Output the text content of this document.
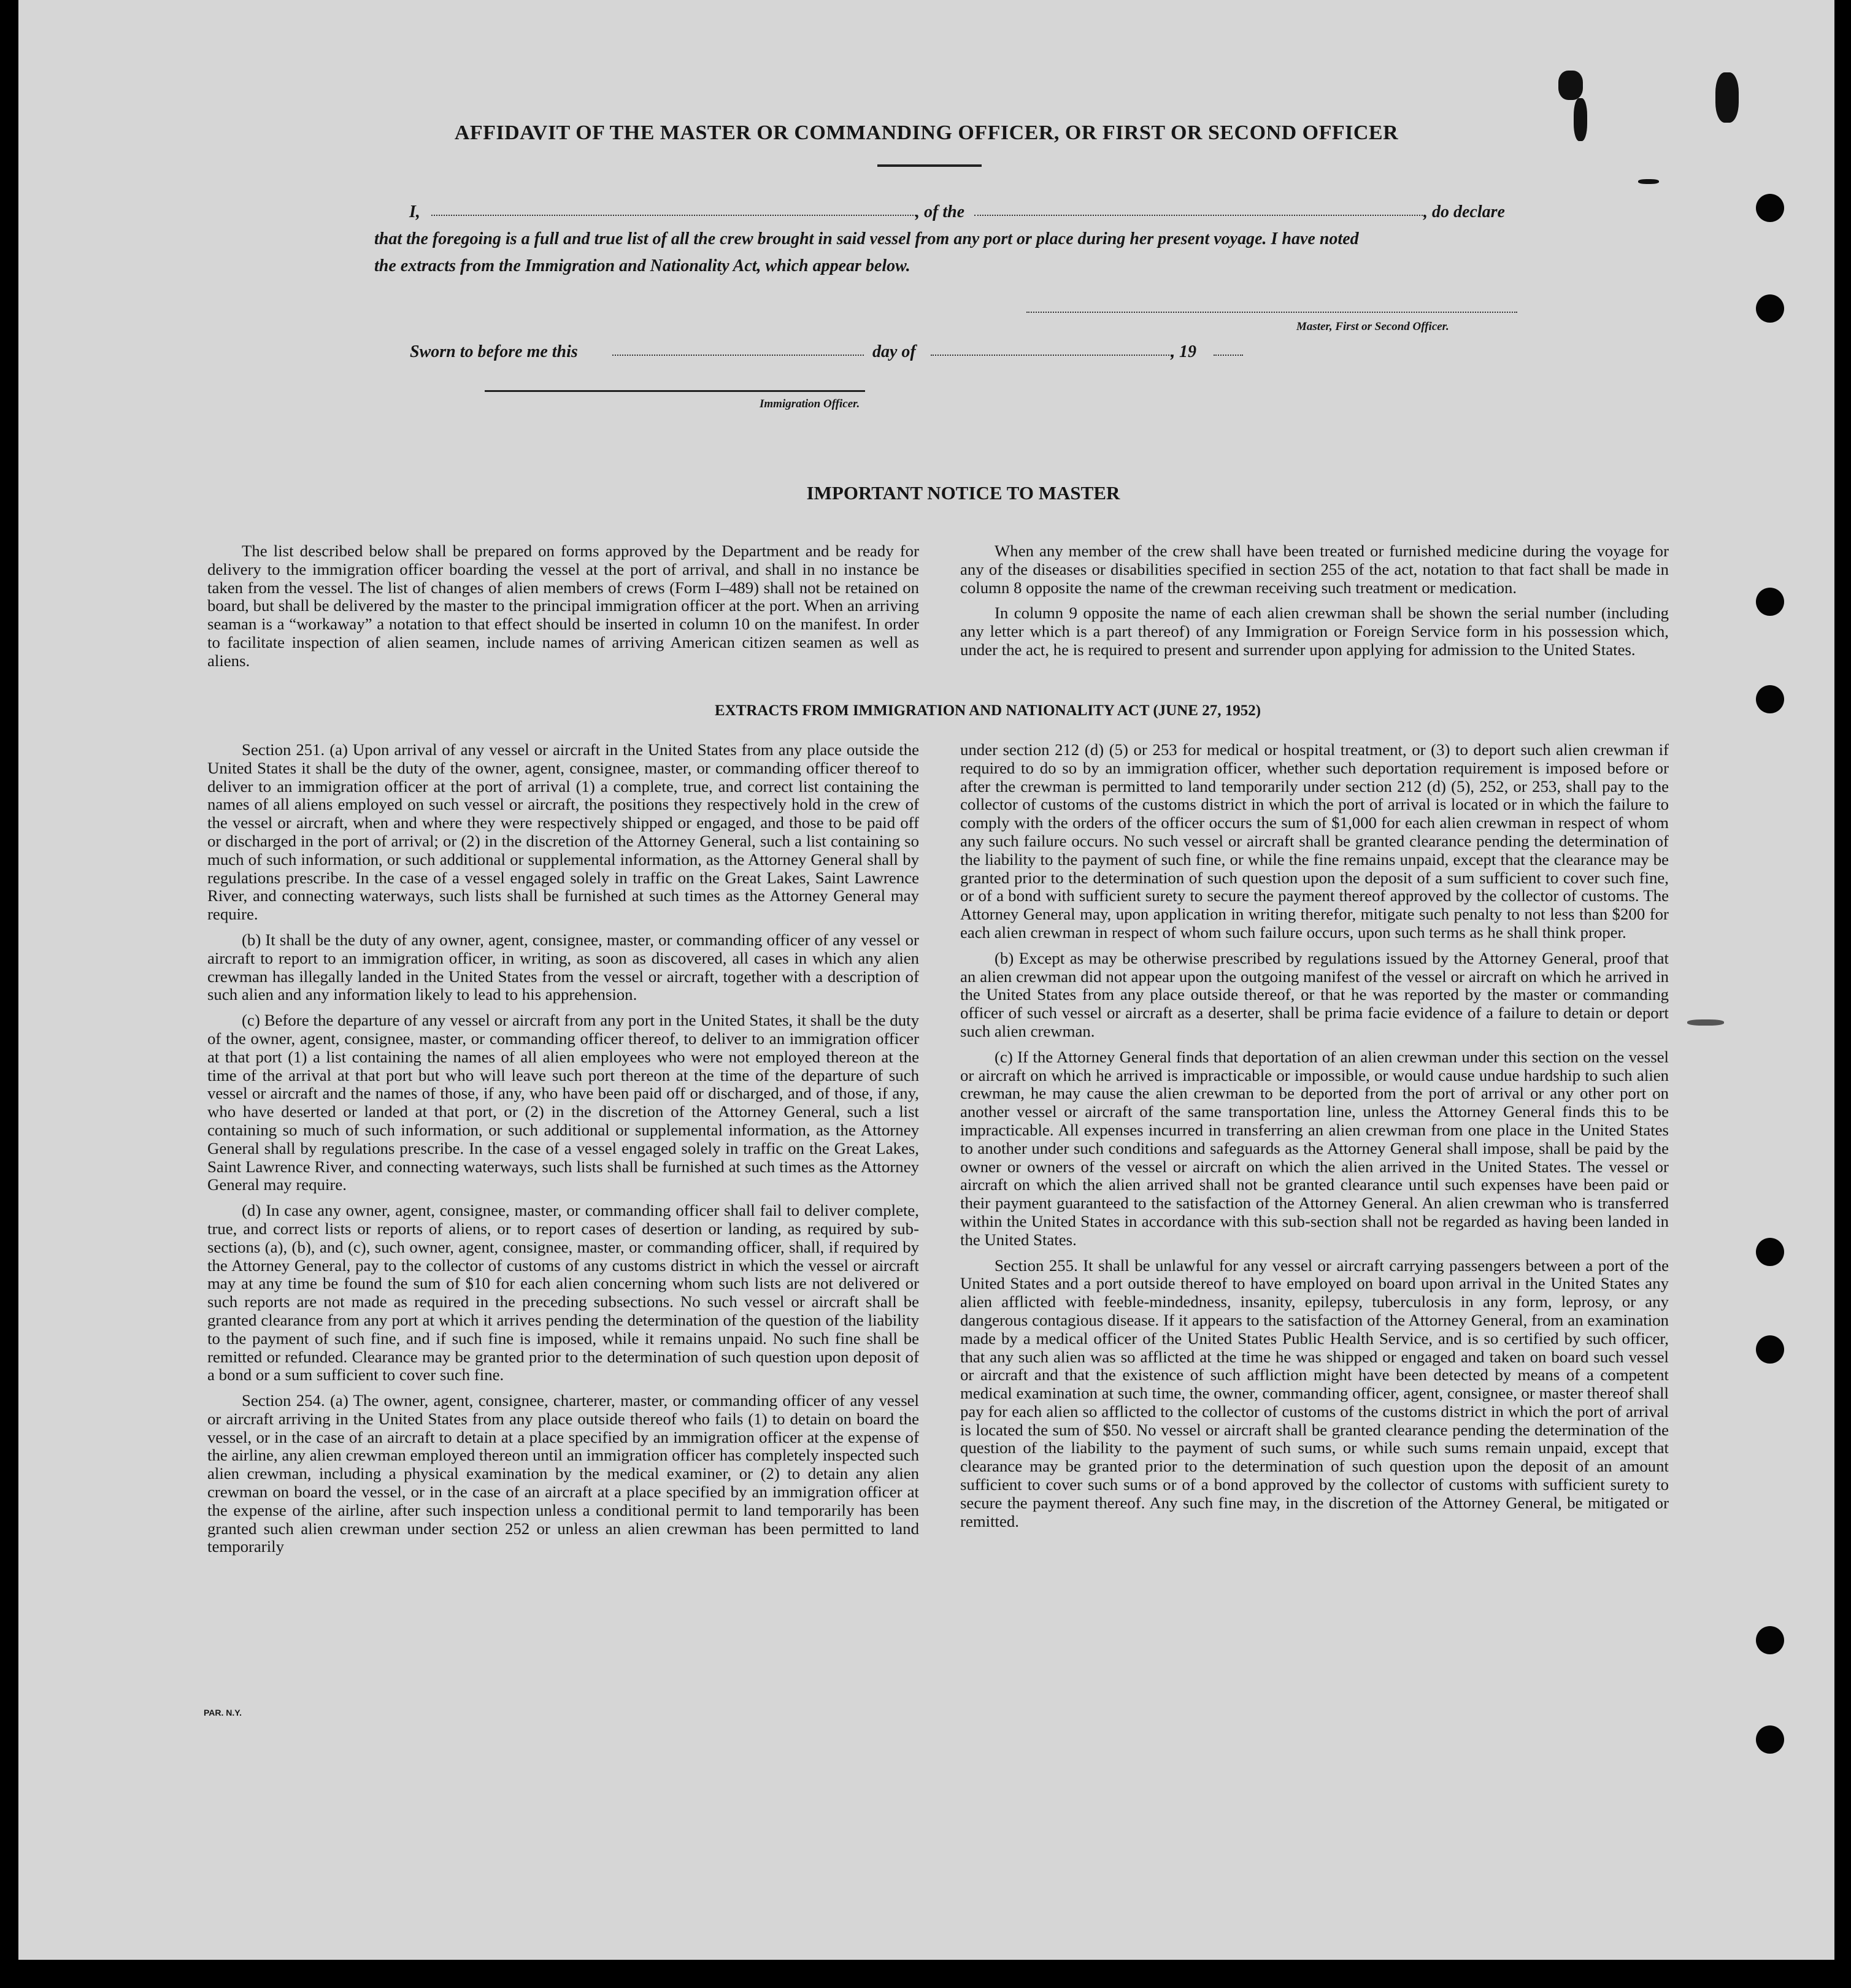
AFFIDAVIT OF THE MASTER OR COMMANDING OFFICER, OR FIRST OR SECOND OFFICER
I,	, of the	, do declare
that the foregoing is a full and true list of all the crew brought in said vessel from any port or place during her present voyage. I have noted
the extracts from the Immigration and Nationality Act, which appear below.
Master, First or Second Officer.
Sworn to before me this	day of	, 19
Immigration Officer.
IMPORTANT NOTICE TO MASTER

The list described below shall be prepared on forms approved by the Department and be ready for delivery to the immigration officer boarding the vessel at the port of arrival, and shall in no instance be taken from the vessel. The list of changes of alien members of crews (Form I–489) shall not be retained on board, but shall be delivered by the master to the principal immigration officer at the port. When an arriving seaman is a “workaway” a notation to that effect should be inserted in column 10 on the manifest. In order to facilitate inspection of alien seamen, include names of arriving American citizen seamen as well as aliens.

When any member of the crew shall have been treated or furnished medicine during the voyage for any of the diseases or disabilities specified in section 255 of the act, notation to that fact shall be made in column 8 opposite the name of the crewman receiving such treatment or medication.

In column 9 opposite the name of each alien crewman shall be shown the serial number (including any letter which is a part thereof) of any Immigration or Foreign Service form in his possession which, under the act, he is required to present and surrender upon applying for admission to the United States.

EXTRACTS FROM IMMIGRATION AND NATIONALITY ACT (JUNE 27, 1952)

Section 251. (a) Upon arrival of any vessel or aircraft in the United States from any place outside the United States it shall be the duty of the owner, agent, consignee, master, or commanding officer thereof to deliver to an immigration officer at the port of arrival (1) a complete, true, and correct list containing the names of all aliens employed on such vessel or aircraft, the positions they respectively hold in the crew of the vessel or aircraft, when and where they were respectively shipped or engaged, and those to be paid off or discharged in the port of arrival; or (2) in the discretion of the Attorney General, such a list containing so much of such information, or such additional or supplemental information, as the Attorney General shall by regulations prescribe. In the case of a vessel engaged solely in traffic on the Great Lakes, Saint Lawrence River, and connecting waterways, such lists shall be furnished at such times as the Attorney General may require.

(b) It shall be the duty of any owner, agent, consignee, master, or commanding officer of any vessel or aircraft to report to an immigration officer, in writing, as soon as discovered, all cases in which any alien crewman has illegally landed in the United States from the vessel or aircraft, together with a description of such alien and any information likely to lead to his apprehension.

(c) Before the departure of any vessel or aircraft from any port in the United States, it shall be the duty of the owner, agent, consignee, master, or commanding officer thereof, to deliver to an immigration officer at that port (1) a list containing the names of all alien employees who were not employed thereon at the time of the arrival at that port but who will leave such port thereon at the time of the departure of such vessel or aircraft and the names of those, if any, who have been paid off or discharged, and of those, if any, who have deserted or landed at that port, or (2) in the discretion of the Attorney General, such a list containing so much of such information, or such additional or supplemental information, as the Attorney General shall by regulations prescribe. In the case of a vessel engaged solely in traffic on the Great Lakes, Saint Lawrence River, and connecting waterways, such lists shall be furnished at such times as the Attorney General may require.

(d) In case any owner, agent, consignee, master, or commanding officer shall fail to deliver complete, true, and correct lists or reports of aliens, or to report cases of desertion or landing, as required by sub-sections (a), (b), and (c), such owner, agent, consignee, master, or commanding officer, shall, if required by the Attorney General, pay to the collector of customs of any customs district in which the vessel or aircraft may at any time be found the sum of $10 for each alien concerning whom such lists are not delivered or such reports are not made as required in the preceding subsections. No such vessel or aircraft shall be granted clearance from any port at which it arrives pending the determination of the question of the liability to the payment of such fine, and if such fine is imposed, while it remains unpaid. No such fine shall be remitted or refunded. Clearance may be granted prior to the determination of such question upon deposit of a bond or a sum sufficient to cover such fine.

Section 254. (a) The owner, agent, consignee, charterer, master, or commanding officer of any vessel or aircraft arriving in the United States from any place outside thereof who fails (1) to detain on board the vessel, or in the case of an aircraft to detain at a place specified by an immigration officer at the expense of the airline, any alien crewman employed thereon until an immigration officer has completely inspected such alien crewman, including a physical examination by the medical examiner, or (2) to detain any alien crewman on board the vessel, or in the case of an aircraft at a place specified by an immigration officer at the expense of the airline, after such inspection unless a conditional permit to land temporarily has been granted such alien crewman under section 252 or unless an alien crewman has been permitted to land temporarily

under section 212 (d) (5) or 253 for medical or hospital treatment, or (3) to deport such alien crewman if required to do so by an immigration officer, whether such deportation requirement is imposed before or after the crewman is permitted to land temporarily under section 212 (d) (5), 252, or 253, shall pay to the collector of customs of the customs district in which the port of arrival is located or in which the failure to comply with the orders of the officer occurs the sum of $1,000 for each alien crewman in respect of whom any such failure occurs. No such vessel or aircraft shall be granted clearance pending the determination of the liability to the payment of such fine, or while the fine remains unpaid, except that the clearance may be granted prior to the determination of such question upon the deposit of a sum sufficient to cover such fine, or of a bond with sufficient surety to secure the payment thereof approved by the collector of customs. The Attorney General may, upon application in writing therefor, mitigate such penalty to not less than $200 for each alien crewman in respect of whom such failure occurs, upon such terms as he shall think proper.

(b) Except as may be otherwise prescribed by regulations issued by the Attorney General, proof that an alien crewman did not appear upon the outgoing manifest of the vessel or aircraft on which he arrived in the United States from any place outside thereof, or that he was reported by the master or commanding officer of such vessel or aircraft as a deserter, shall be prima facie evidence of a failure to detain or deport such alien crewman.

(c) If the Attorney General finds that deportation of an alien crewman under this section on the vessel or aircraft on which he arrived is impracticable or impossible, or would cause undue hardship to such alien crewman, he may cause the alien crewman to be deported from the port of arrival or any other port on another vessel or aircraft of the same transportation line, unless the Attorney General finds this to be impracticable. All expenses incurred in transferring an alien crewman from one place in the United States to another under such conditions and safeguards as the Attorney General shall impose, shall be paid by the owner or owners of the vessel or aircraft on which the alien arrived in the United States. The vessel or aircraft on which the alien arrived shall not be granted clearance until such expenses have been paid or their payment guaranteed to the satisfaction of the Attorney General. An alien crewman who is transferred within the United States in accordance with this sub-section shall not be regarded as having been landed in the United States.

Section 255. It shall be unlawful for any vessel or aircraft carrying passengers between a port of the United States and a port outside thereof to have employed on board upon arrival in the United States any alien afflicted with feeble-mindedness, insanity, epilepsy, tuberculosis in any form, leprosy, or any dangerous contagious disease. If it appears to the satisfaction of the Attorney General, from an examination made by a medical officer of the United States Public Health Service, and is so certified by such officer, that any such alien was so afflicted at the time he was shipped or engaged and taken on board such vessel or aircraft and that the existence of such affliction might have been detected by means of a competent medical examination at such time, the owner, commanding officer, agent, consignee, or master thereof shall pay for each alien so afflicted to the collector of customs of the customs district in which the port of arrival is located the sum of $50. No vessel or aircraft shall be granted clearance pending the determination of the question of the liability to the payment of such sums, or while such sums remain unpaid, except that clearance may be granted prior to the determination of such question upon the deposit of an amount sufficient to cover such sums or of a bond approved by the collector of customs with sufficient surety to secure the payment thereof. Any such fine may, in the discretion of the Attorney General, be mitigated or remitted.

PAR. N.Y.
